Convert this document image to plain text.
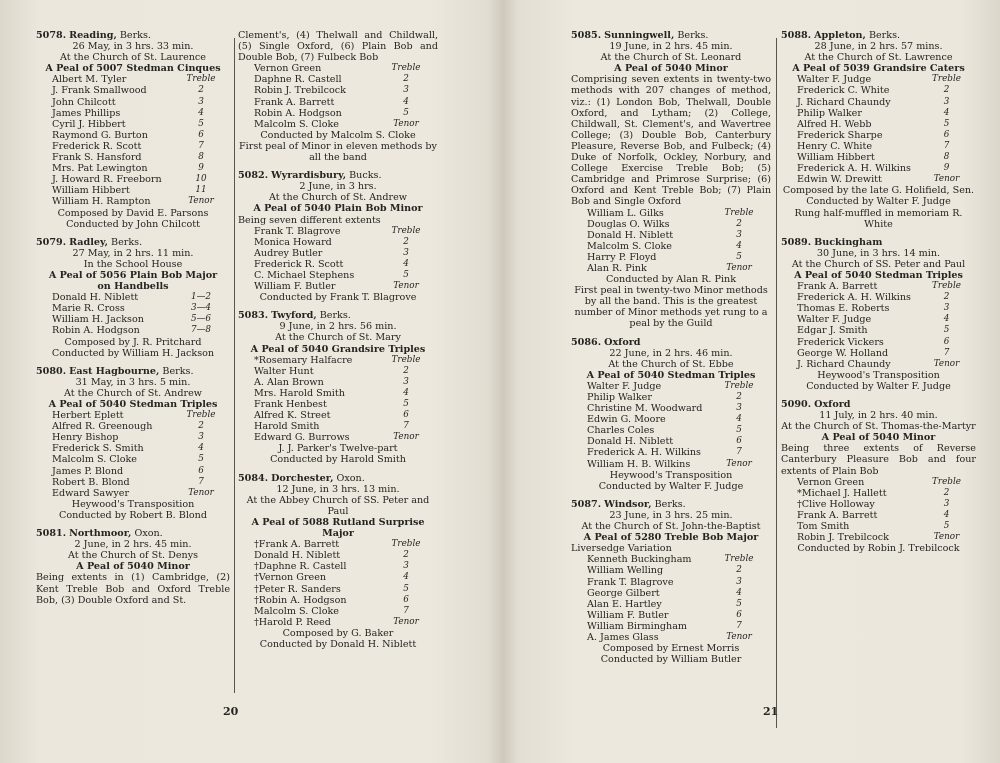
5078. Reading, Berks.
26 May, in 3 hrs. 33 min.
At the Church of St. Laurence
A Peal of 5007 Stedman Cinques
Albert M. Tyler	Treble
J. Frank Smallwood	2
John Chilcott	3
James Phillips	4
Cyril J. Hibbert	5
Raymond G. Burton	6
Frederick R. Scott	7
Frank S. Hansford	8
Mrs. Pat Lewington	9
J. Howard R. Freeborn	10
William Hibbert	11
William H. Rampton	Tenor
Composed by David E. Parsons
Conducted by John Chilcott
5079. Radley, Berks.
27 May, in 2 hrs. 11 min.
In the School House
A Peal of 5056 Plain Bob Major
on Handbells
Donald H. Niblett	1—2
Marie R. Cross	3—4
William H. Jackson	5—6
Robin A. Hodgson	7—8
Composed by J. R. Pritchard
Conducted by William H. Jackson
5080. East Hagbourne, Berks.
31 May, in 3 hrs. 5 min.
At the Church of St. Andrew
A Peal of 5040 Stedman Triples
Herbert Eplett	Treble
Alfred R. Greenough	2
Henry Bishop	3
Frederick S. Smith	4
Malcolm S. Cloke	5
James P. Blond	6
Robert B. Blond	7
Edward Sawyer	Tenor
Heywood's Transposition
Conducted by Robert B. Blond
5081. Northmoor, Oxon.
2 June, in 2 hrs. 45 min.
At the Church of St. Denys
A Peal of 5040 Minor
Being extents in (1) Cambridge, (2) Kent Treble Bob and Oxford Treble Bob, (3) Double Oxford and St.
Clement's, (4) Thelwall and Childwall, (5) Single Oxford, (6) Plain Bob and Double Bob, (7) Fulbeck Bob
Vernon Green	Treble
Daphne R. Castell	2
Robin J. Trebilcock	3
Frank A. Barrett	4
Robin A. Hodgson	5
Malcolm S. Cloke	Tenor
Conducted by Malcolm S. Cloke
First peal of Minor in eleven methods by all the band
5082. Wyrardisbury, Bucks.
2 June, in 3 hrs.
At the Church of St. Andrew
A Peal of 5040 Plain Bob Minor
Being seven different extents
Frank T. Blagrove	Treble
Monica Howard	2
Audrey Butler	3
Frederick R. Scott	4
C. Michael Stephens	5
William F. Butler	Tenor
Conducted by Frank T. Blagrove
5083. Twyford, Berks.
9 June, in 2 hrs. 56 min.
At the Church of St. Mary
A Peal of 5040 Grandsire Triples
*Rosemary Halfacre	Treble
Walter Hunt	2
A. Alan Brown	3
Mrs. Harold Smith	4
Frank Henbest	5
Alfred K. Street	6
Harold Smith	7
Edward G. Burrows	Tenor
J. J. Parker's Twelve-part
Conducted by Harold Smith
5084. Dorchester, Oxon.
12 June, in 3 hrs. 13 min.
At the Abbey Church of SS. Peter and Paul
A Peal of 5088 Rutland Surprise
Major
†Frank A. Barrett	Treble
Donald H. Niblett	2
†Daphne R. Castell	3
†Vernon Green	4
†Peter R. Sanders	5
†Robin A. Hodgson	6
Malcolm S. Cloke	7
†Harold P. Reed	Tenor
Composed by G. Baker
Conducted by Donald H. Niblett
20
5085. Sunningwell, Berks.
19 June, in 2 hrs. 45 min.
At the Church of St. Leonard
A Peal of 5040 Minor
Comprising seven extents in twenty-two methods with 207 changes of method, viz.: (1) London Bob, Thelwall, Double Oxford, and Lytham; (2) College, Childwall, St. Clement's, and Wavertree College; (3) Double Bob, Canterbury Pleasure, Reverse Bob, and Fulbeck; (4) Duke of Norfolk, Ockley, Norbury, and College Exercise Treble Bob; (5) Cambridge and Primrose Surprise; (6) Oxford and Kent Treble Bob; (7) Plain Bob and Single Oxford
William L. Gilks	Treble
Douglas O. Wilks	2
Donald H. Niblett	3
Malcolm S. Cloke	4
Harry P. Floyd	5
Alan R. Pink	Tenor
Conducted by Alan R. Pink
First peal in twenty-two Minor methods by all the band. This is the greatest number of Minor methods yet rung to a peal by the Guild
5086. Oxford
22 June, in 2 hrs. 46 min.
At the Church of St. Ebbe
A Peal of 5040 Stedman Triples
Walter F. Judge	Treble
Philip Walker	2
Christine M. Woodward	3
Edwin G. Moore	4
Charles Coles	5
Donald H. Niblett	6
Frederick A. H. Wilkins	7
William H. B. Wilkins	Tenor
Heywood's Transposition
Conducted by Walter F. Judge
5087. Windsor, Berks.
23 June, in 3 hrs. 25 min.
At the Church of St. John-the-Baptist
A Peal of 5280 Treble Bob Major
Liversedge Variation
Kenneth Buckingham	Treble
William Welling	2
Frank T. Blagrove	3
George Gilbert	4
Alan E. Hartley	5
William F. Butler	6
William Birmingham	7
A. James Glass	Tenor
Composed by Ernest Morris
Conducted by William Butler
5088. Appleton, Berks.
28 June, in 2 hrs. 57 mins.
At the Church of St. Lawrence
A Peal of 5039 Grandsire Caters
Walter F. Judge	Treble
Frederick C. White	2
J. Richard Chaundy	3
Philip Walker	4
Alfred H. Webb	5
Frederick Sharpe	6
Henry C. White	7
William Hibbert	8
Frederick A. H. Wilkins	9
Edwin W. Drewitt	Tenor
Composed by the late G. Holifield, Sen.
Conducted by Walter F. Judge
Rung half-muffled in memoriam R. White
5089. Buckingham
30 June, in 3 hrs. 14 min.
At the Church of SS. Peter and Paul
A Peal of 5040 Stedman Triples
Frank A. Barrett	Treble
Frederick A. H. Wilkins	2
Thomas E. Roberts	3
Walter F. Judge	4
Edgar J. Smith	5
Frederick Vickers	6
George W. Holland	7
J. Richard Chaundy	Tenor
Heywood's Transposition
Conducted by Walter F. Judge
5090. Oxford
11 July, in 2 hrs. 40 min.
At the Church of St. Thomas-the-Martyr
A Peal of 5040 Minor
Being three extents of Reverse Canterbury Pleasure Bob and four extents of Plain Bob
Vernon Green	Treble
*Michael J. Hallett	2
†Clive Holloway	3
Frank A. Barrett	4
Tom Smith	5
Robin J. Trebilcock	Tenor
Conducted by Robin J. Trebilcock
21
